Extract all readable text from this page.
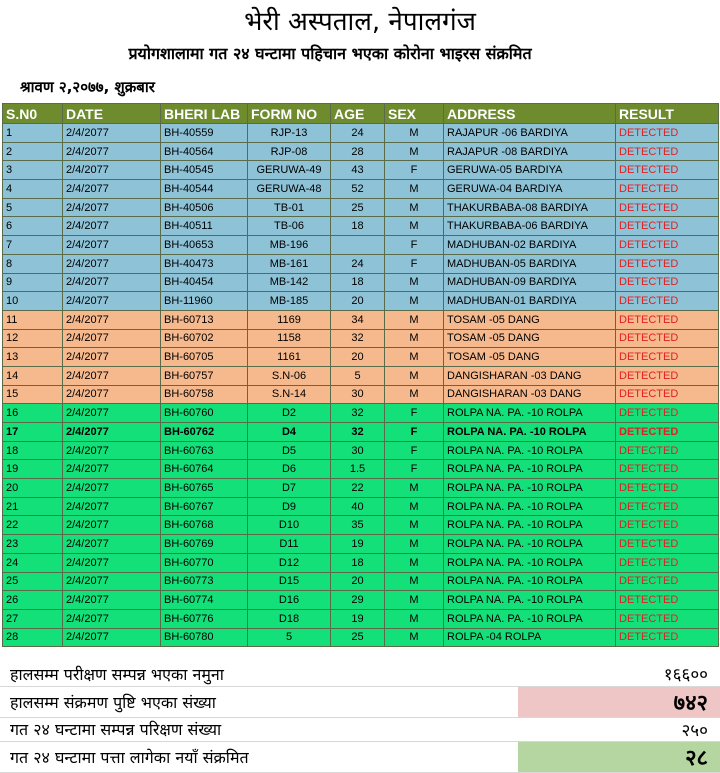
भेरी अस्पताल, नेपालगंज
प्रयोगशालामा गत २४ घन्टामा पहिचान भएका कोरोना भाइरस संक्रमित
श्रावण २,२०७७, शुक्रबार
S.N0	DATE	BHERI LAB	FORM NO	AGE	SEX	ADDRESS	RESULT
1	2/4/2077	BH-40559	RJP-13	24	M	RAJAPUR -06 BARDIYA	DETECTED
2	2/4/2077	BH-40564	RJP-08	28	M	RAJAPUR -08 BARDIYA	DETECTED
3	2/4/2077	BH-40545	GERUWA-49	43	F	GERUWA-05 BARDIYA	DETECTED
4	2/4/2077	BH-40544	GERUWA-48	52	M	GERUWA-04 BARDIYA	DETECTED
5	2/4/2077	BH-40506	TB-01	25	M	THAKURBABA-08 BARDIYA	DETECTED
6	2/4/2077	BH-40511	TB-06	18	M	THAKURBABA-06 BARDIYA	DETECTED
7	2/4/2077	BH-40653	MB-196		F	MADHUBAN-02 BARDIYA	DETECTED
8	2/4/2077	BH-40473	MB-161	24	F	MADHUBAN-05 BARDIYA	DETECTED
9	2/4/2077	BH-40454	MB-142	18	M	MADHUBAN-09 BARDIYA	DETECTED
10	2/4/2077	BH-11960	MB-185	20	M	MADHUBAN-01 BARDIYA	DETECTED
11	2/4/2077	BH-60713	1169	34	M	TOSAM -05 DANG	DETECTED
12	2/4/2077	BH-60702	1158	32	M	TOSAM -05 DANG	DETECTED
13	2/4/2077	BH-60705	1161	20	M	TOSAM -05 DANG	DETECTED
14	2/4/2077	BH-60757	S.N-06	5	M	DANGISHARAN -03 DANG	DETECTED
15	2/4/2077	BH-60758	S.N-14	30	M	DANGISHARAN -03 DANG	DETECTED
16	2/4/2077	BH-60760	D2	32	F	ROLPA NA. PA. -10 ROLPA	DETECTED
17	2/4/2077	BH-60762	D4	32	F	ROLPA NA. PA. -10 ROLPA	DETECTED
18	2/4/2077	BH-60763	D5	30	F	ROLPA NA. PA. -10 ROLPA	DETECTED
19	2/4/2077	BH-60764	D6	1.5	F	ROLPA NA. PA. -10 ROLPA	DETECTED
20	2/4/2077	BH-60765	D7	22	M	ROLPA NA. PA. -10 ROLPA	DETECTED
21	2/4/2077	BH-60767	D9	40	M	ROLPA NA. PA. -10 ROLPA	DETECTED
22	2/4/2077	BH-60768	D10	35	M	ROLPA NA. PA. -10 ROLPA	DETECTED
23	2/4/2077	BH-60769	D11	19	M	ROLPA NA. PA. -10 ROLPA	DETECTED
24	2/4/2077	BH-60770	D12	18	M	ROLPA NA. PA. -10 ROLPA	DETECTED
25	2/4/2077	BH-60773	D15	20	M	ROLPA NA. PA. -10 ROLPA	DETECTED
26	2/4/2077	BH-60774	D16	29	M	ROLPA NA. PA. -10 ROLPA	DETECTED
27	2/4/2077	BH-60776	D18	19	M	ROLPA NA. PA. -10 ROLPA	DETECTED
28	2/4/2077	BH-60780	5	25	M	ROLPA -04 ROLPA	DETECTED
हालसम्म परीक्षण सम्पन्न भएका नमुना	१६६००
हालसम्म संक्रमण पुष्टि भएका संख्या	७४२
गत २४ घन्टामा सम्पन्न परिक्षण संख्या	२५०
गत २४ घन्टामा पत्ता लागेका नयाँ संक्रमित	२८
